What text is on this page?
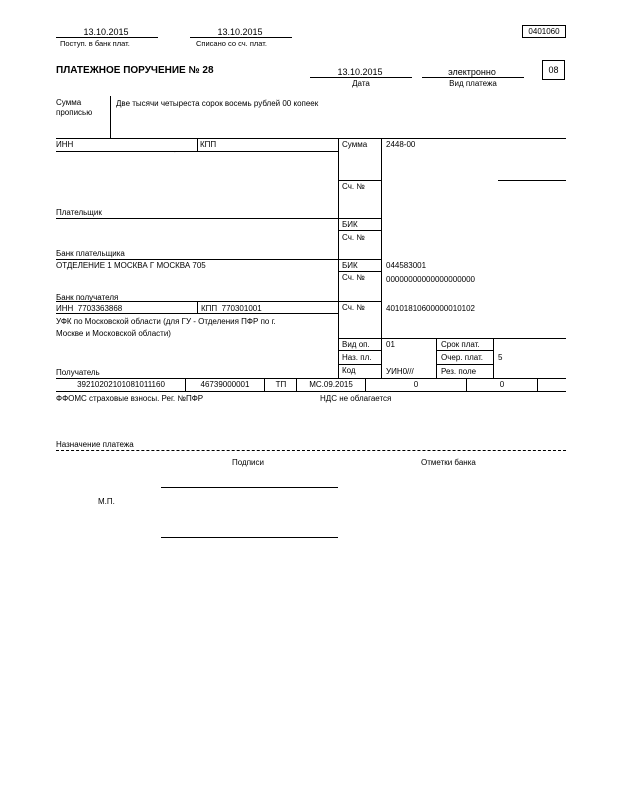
13.10.2015
Поступ. в банк плат.
13.10.2015
Списано со сч. плат.
0401060
ПЛАТЕЖНОЕ ПОРУЧЕНИЕ № 28	13.10.2015
Дата
электронно
Вид платежа
08
Сумма
прописью
Две тысячи четыреста сорок восемь рублей 00 копеек
ИНН	КПП
˙
Сумма 2448-00
Сч. №
Плательщик
БИК
Сч. №
Банк плательщика
ОТДЕЛЕНИЕ 1 МОСКВА Г МОСКВА 705	БИК	044583001
Сч. №	00000000000000000000
Банк получателя
ИНН 7703363868	КПП 770301001	Сч. №	40101810600000010102
УФК по Московской области (для ГУ - Отделения ПФР по г.
Москве и Московской области)
Вид оп. 01	Срок плат.
Наз. пл.	Очер. плат. 5
Код	УИН0///	Рез. поле
Получатель
39210202101081011160	46739000001	ТП	МС.09.2015	0	0
ФФОМС страховые взносы. Рег. №ПФР	НДС не облагается
Назначение платежа
Подписи	Отметки банка
М.П.
